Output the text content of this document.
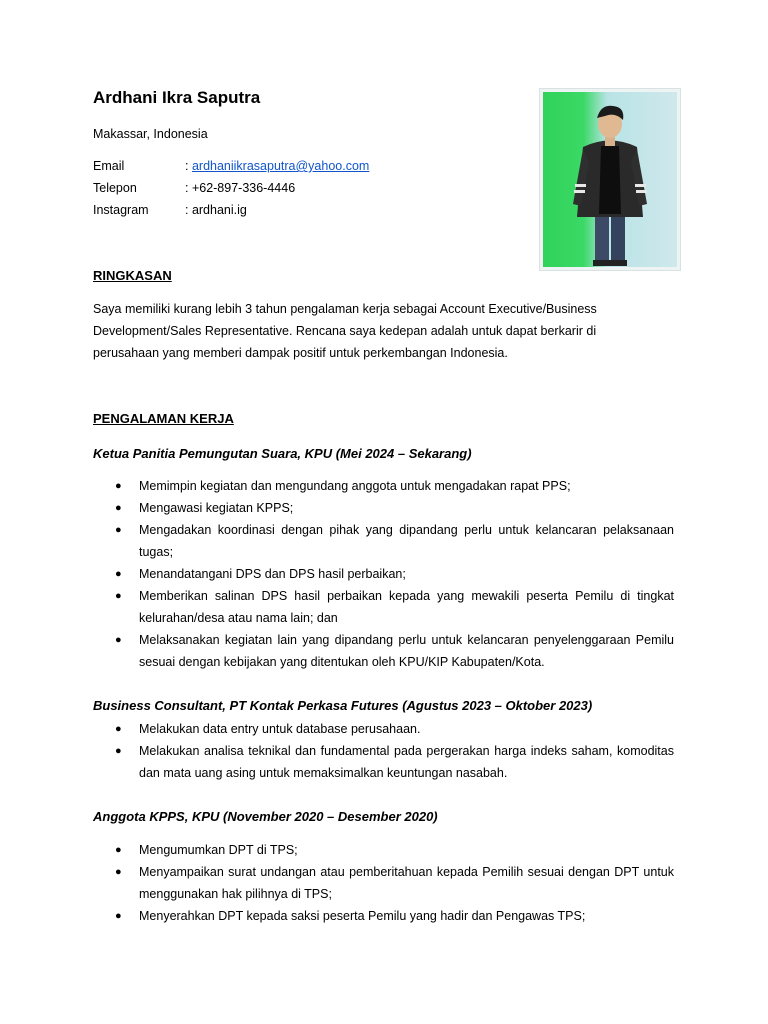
Ardhani Ikra Saputra
Makassar, Indonesia
Email	: ardhaniikrasaputra@yahoo.com
Telepon	: +62-897-336-4446
Instagram	: ardhani.ig
RINGKASAN

Saya memiliki kurang lebih 3 tahun pengalaman kerja sebagai Account Executive/Business Development/Sales Representative. Rencana saya kedepan adalah untuk dapat berkarir di perusahaan yang memberi dampak positif untuk perkembangan Indonesia.

PENGALAMAN KERJA
Ketua Panitia Pemungutan Suara, KPU (Mei 2024 – Sekarang)
● Memimpin kegiatan dan mengundang anggota untuk mengadakan rapat PPS;
● Mengawasi kegiatan KPPS;
● Mengadakan koordinasi dengan pihak yang dipandang perlu untuk kelancaran pelaksanaan tugas;
● Menandatangani DPS dan DPS hasil perbaikan;
● Memberikan salinan DPS hasil perbaikan kepada yang mewakili peserta Pemilu di tingkat kelurahan/desa atau nama lain; dan
● Melaksanakan kegiatan lain yang dipandang perlu untuk kelancaran penyelenggaraan Pemilu sesuai dengan kebijakan yang ditentukan oleh KPU/KIP Kabupaten/Kota.
Business Consultant, PT Kontak Perkasa Futures (Agustus 2023 – Oktober 2023)
● Melakukan data entry untuk database perusahaan.
● Melakukan analisa teknikal dan fundamental pada pergerakan harga indeks saham, komoditas dan mata uang asing untuk memaksimalkan keuntungan nasabah.
Anggota KPPS, KPU (November 2020 – Desember 2020)
● Mengumumkan DPT di TPS;
● Menyampaikan surat undangan atau pemberitahuan kepada Pemilih sesuai dengan DPT untuk menggunakan hak pilihnya di TPS;
● Menyerahkan DPT kepada saksi peserta Pemilu yang hadir dan Pengawas TPS;
